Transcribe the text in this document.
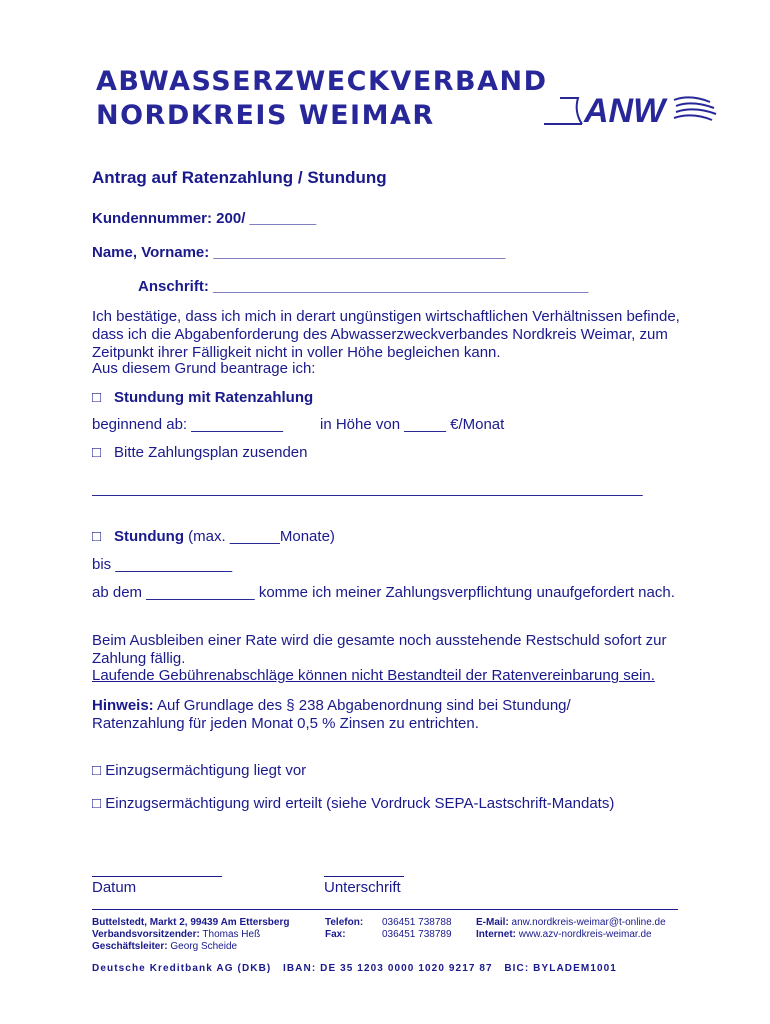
ABWASSERZWECKVERBAND
NORDKREIS WEIMAR	ANW
Antrag auf Ratenzahlung / Stundung
Kundennummer: 200/ ________
Name, Vorname: ___________________________________
Anschrift: _____________________________________________
Ich bestätige, dass ich mich in derart ungünstigen wirtschaftlichen Verhältnissen befinde, dass ich die Abgabenforderung des Abwasserzweckverbandes Nordkreis Weimar, zum Zeitpunkt ihrer Fälligkeit nicht in voller Höhe begleichen kann.
Aus diesem Grund beantrage ich:
□ Stundung mit Ratenzahlung
beginnend ab: ___________ in Höhe von _____ €/Monat
□ Bitte Zahlungsplan zusenden
__________________________________________________________________
□ Stundung (max. ______Monate)
bis ______________
ab dem _____________ komme ich meiner Zahlungsverpflichtung unaufgefordert nach.
Beim Ausbleiben einer Rate wird die gesamte noch ausstehende Restschuld sofort zur Zahlung fällig.
Laufende Gebührenabschläge können nicht Bestandteil der Ratenvereinbarung sein.
Hinweis: Auf Grundlage des § 238 Abgabenordnung sind bei Stundung/ Ratenzahlung für jeden Monat 0,5 % Zinsen zu entrichten.
□ Einzugsermächtigung liegt vor
□ Einzugsermächtigung wird erteilt (siehe Vordruck SEPA-Lastschrift-Mandats)
Datum	Unterschrift
Buttelstedt, Markt 2, 99439 Am Ettersberg
Verbandsvorsitzender: Thomas Heß
Geschäftsleiter: Georg Scheide
Telefon: 036451 738788
Fax:	036451 738789
E-Mail: anw.nordkreis-weimar@t-online.de
Internet: www.azv-nordkreis-weimar.de
Deutsche Kreditbank AG (DKB)   IBAN: DE 35 1203 0000 1020 9217 87   BIC: BYLADEM1001
